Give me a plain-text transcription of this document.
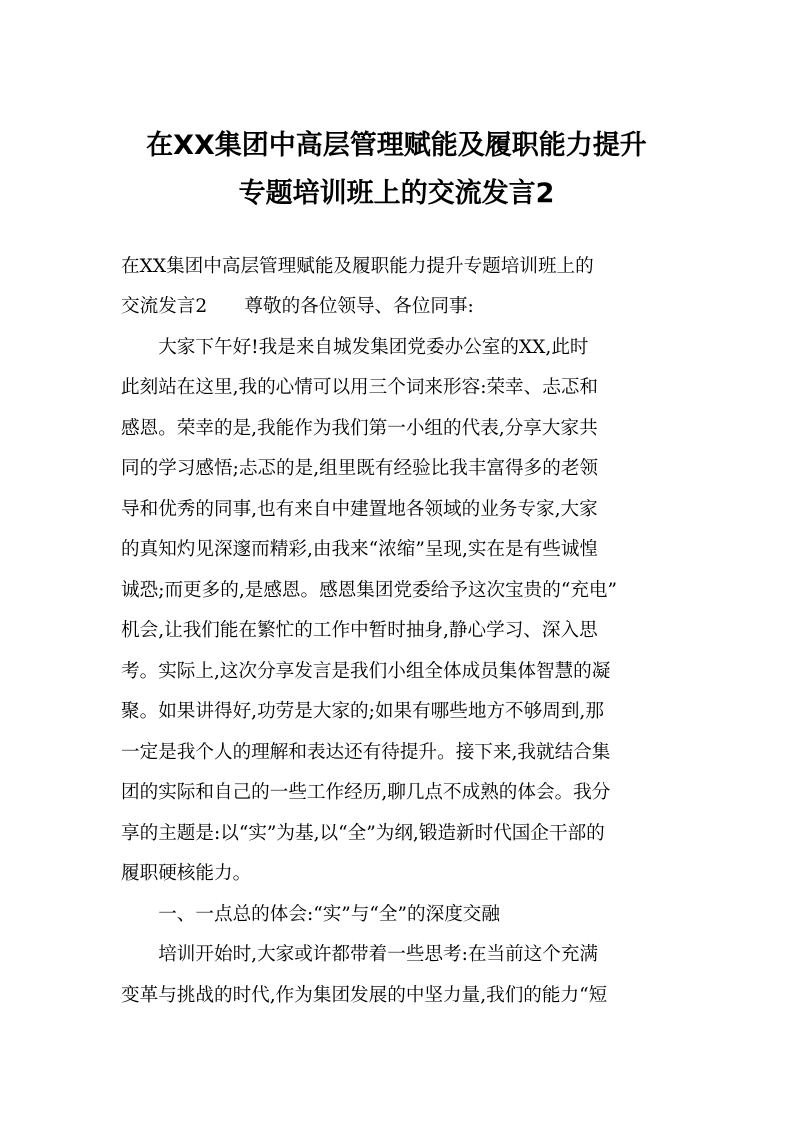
在XX集团中高层管理赋能及履职能力提升
专题培训班上的交流发言2

在XX集团中高层管理赋能及履职能力提升专题培训班上的

交流发言2　　尊敬的各位领导、各位同事:

　　大家下午好!我是来自城发集团党委办公室的XX,此时

此刻站在这里,我的心情可以用三个词来形容:荣幸、忐忑和

感恩。荣幸的是,我能作为我们第一小组的代表,分享大家共

同的学习感悟;忐忑的是,组里既有经验比我丰富得多的老领

导和优秀的同事,也有来自中建置地各领域的业务专家,大家

的真知灼见深邃而精彩,由我来“浓缩”呈现,实在是有些诚惶

诚恐;而更多的,是感恩。感恩集团党委给予这次宝贵的“充电”

机会,让我们能在繁忙的工作中暂时抽身,静心学习、深入思

考。实际上,这次分享发言是我们小组全体成员集体智慧的凝

聚。如果讲得好,功劳是大家的;如果有哪些地方不够周到,那

一定是我个人的理解和表达还有待提升。接下来,我就结合集

团的实际和自己的一些工作经历,聊几点不成熟的体会。我分

享的主题是:以“实”为基,以“全”为纲,锻造新时代国企干部的

履职硬核能力。

　　一、一点总的体会:“实”与“全”的深度交融

　　培训开始时,大家或许都带着一些思考:在当前这个充满

变革与挑战的时代,作为集团发展的中坚力量,我们的能力“短
